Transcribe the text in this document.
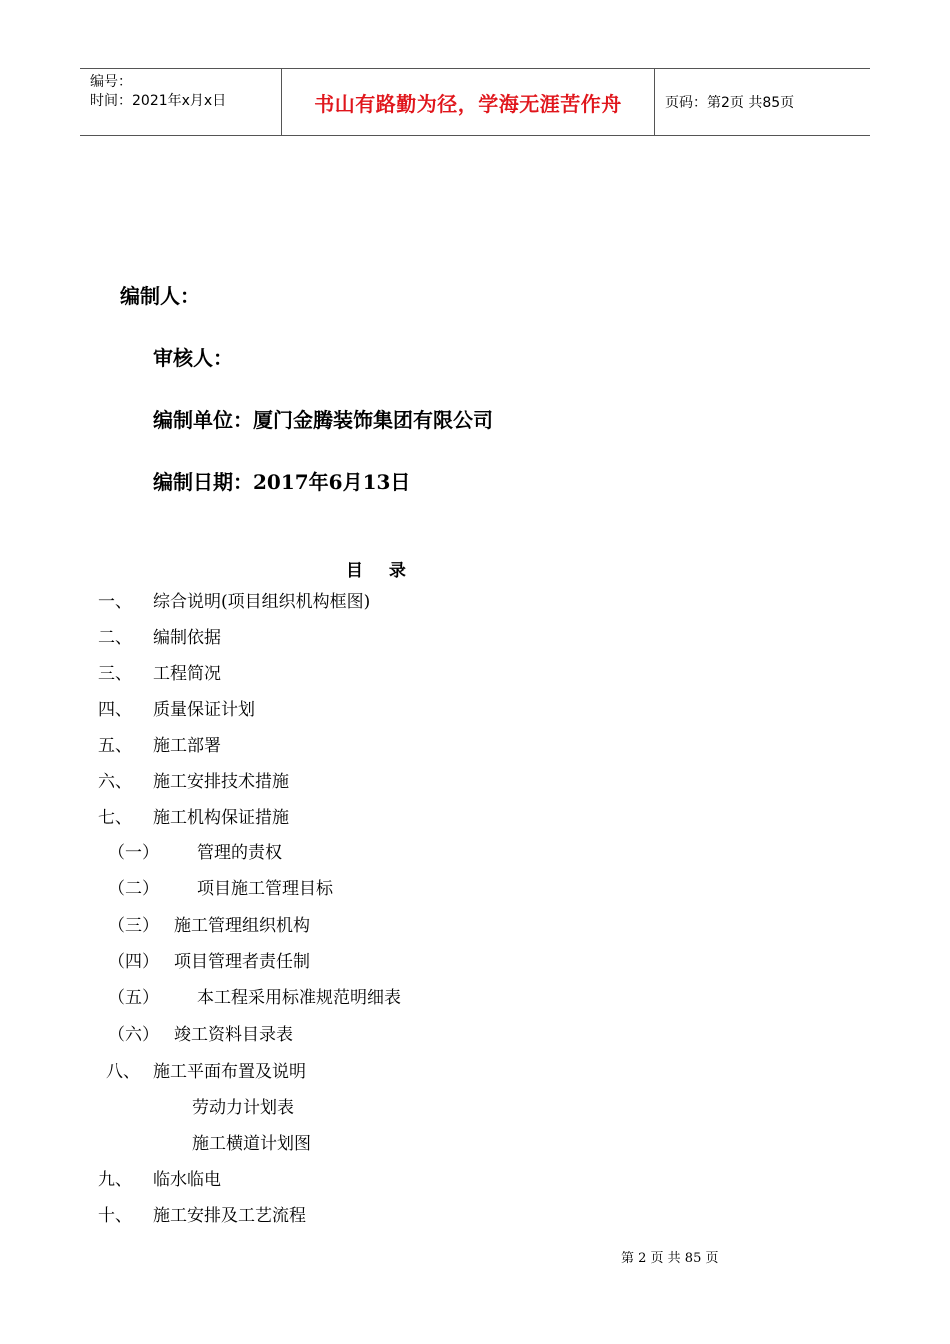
编号：
时间：2021年x月x日	书山有路勤为径，学海无涯苦作舟	页码：第2页 共85页
编制人：
审核人：
编制单位：厦门金腾装饰集团有限公司
编制日期：2017年6月13日
目 录
一、 综合说明(项目组织机构框图)
二、 编制依据
三、 工程简况
四、 质量保证计划
五、 施工部署
六、 施工安排技术措施
七、 施工机构保证措施
（一） 管理的责权
（二） 项目施工管理目标
（三） 施工管理组织机构
（四） 项目管理者责任制
（五） 本工程采用标准规范明细表
（六） 竣工资料目录表
八、 施工平面布置及说明
劳动力计划表
施工横道计划图
九、 临水临电
十、 施工安排及工艺流程
第 2 页 共 85 页
